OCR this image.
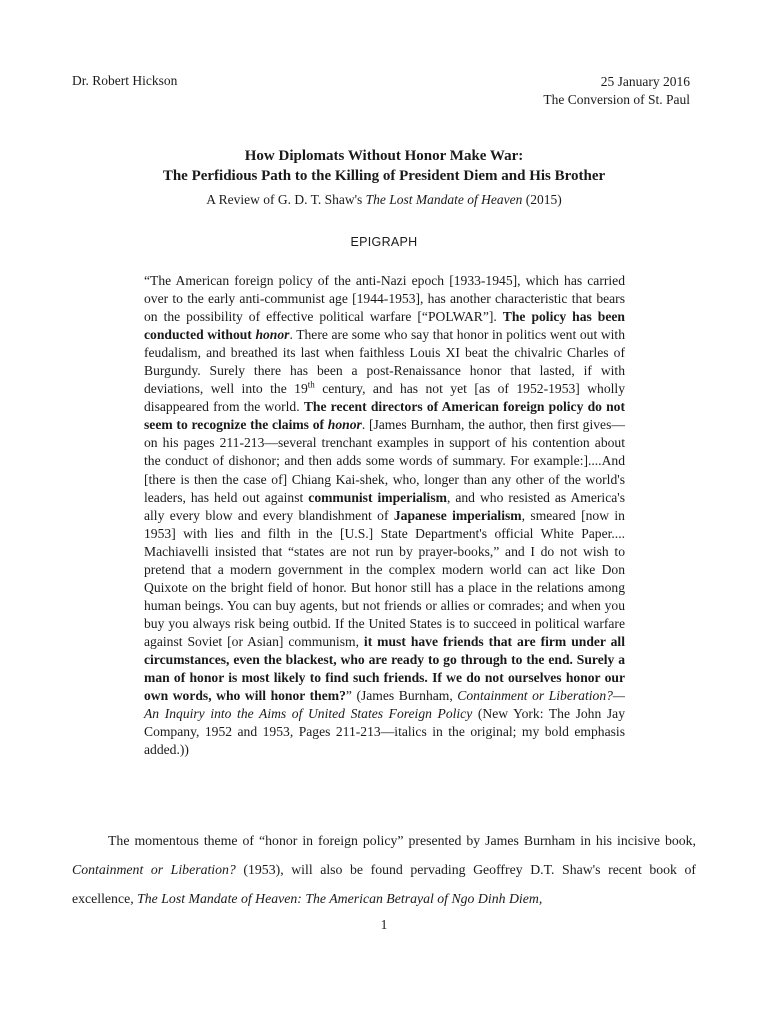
Dr. Robert Hickson	25 January 2016
The Conversion of St. Paul
How Diplomats Without Honor Make War:
The Perfidious Path to the Killing of President Diem and His Brother
A Review of G. D. T. Shaw's The Lost Mandate of Heaven (2015)
EPIGRAPH
“The American foreign policy of the anti-Nazi epoch [1933-1945], which has carried over to the early anti-communist age [1944-1953], has another characteristic that bears on the possibility of effective political warfare [“POLWAR”]. The policy has been conducted without honor. There are some who say that honor in politics went out with feudalism, and breathed its last when faithless Louis XI beat the chivalric Charles of Burgundy. Surely there has been a post-Renaissance honor that lasted, if with deviations, well into the 19th century, and has not yet [as of 1952-1953] wholly disappeared from the world. The recent directors of American foreign policy do not seem to recognize the claims of honor. [James Burnham, the author, then first gives—on his pages 211-213—several trenchant examples in support of his contention about the conduct of dishonor; and then adds some words of summary. For example:]....And [there is then the case of] Chiang Kai-shek, who, longer than any other of the world's leaders, has held out against communist imperialism, and who resisted as America's ally every blow and every blandishment of Japanese imperialism, smeared [now in 1953] with lies and filth in the [U.S.] State Department's official White Paper.... Machiavelli insisted that “states are not run by prayer-books,” and I do not wish to pretend that a modern government in the complex modern world can act like Don Quixote on the bright field of honor. But honor still has a place in the relations among human beings. You can buy agents, but not friends or allies or comrades; and when you buy you always risk being outbid. If the United States is to succeed in political warfare against Soviet [or Asian] communism, it must have friends that are firm under all circumstances, even the blackest, who are ready to go through to the end. Surely a man of honor is most likely to find such friends. If we do not ourselves honor our own words, who will honor them?” (James Burnham, Containment or Liberation?—An Inquiry into the Aims of United States Foreign Policy (New York: The John Jay Company, 1952 and 1953, Pages 211-213—italics in the original; my bold emphasis added.))
The momentous theme of “honor in foreign policy” presented by James Burnham in his incisive book, Containment or Liberation? (1953), will also be found pervading Geoffrey D.T. Shaw's recent book of excellence, The Lost Mandate of Heaven: The American Betrayal of Ngo Dinh Diem,
1
